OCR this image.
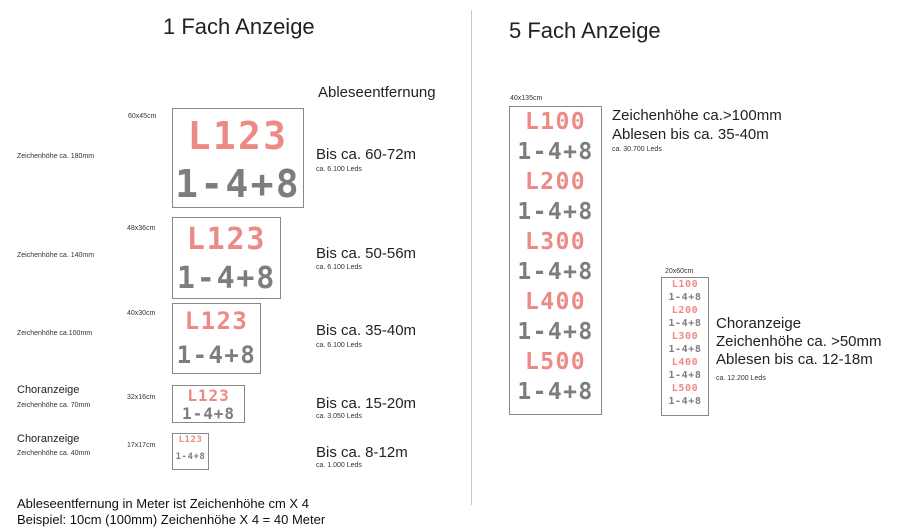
1 Fach Anzeige
Ableseentfernung
60x45cm
Zeichenhöhe ca. 180mm	L123
1-4+8
Bis ca. 60-72m
ca. 6.100 Leds
48x36cm
Zeichenhöhe ca. 140mm	L123
1-4+8
Bis ca. 50-56m
ca. 6.100 Leds
40x30cm
Zeichenhöhe ca.100mm	L123
1-4+8
Bis ca. 35-40m
ca. 6.100 Leds
Choranzeige
Zeichenhöhe ca. 70mm
32x16cm	L123
1-4+8
Bis ca. 15-20m
ca. 3.050 Leds
Choranzeige
Zeichenhöhe ca. 40mm
17x17cm
L123
1-4+8	Bis ca. 8-12m
ca. 1.000 Leds
Ableseentfernung in Meter ist Zeichenhöhe cm X 4
Beispiel: 10cm (100mm) Zeichenhöhe X 4 = 40 Meter
5 Fach Anzeige
40x135cm
L100
1-4+8
L200
1-4+8
L300
1-4+8
L400
1-4+8
L500
1-4+8
Zeichenhöhe ca.>100mm
Ablesen bis ca. 35-40m
ca. 30.700 Leds
20x60cm
L100
1-4+8
L200
1-4+8
L300
1-4+8
L400
1-4+8
L500
1-4+8
Choranzeige
Zeichenhöhe ca. >50mm
Ablesen bis ca. 12-18m
ca. 12.200 Leds
